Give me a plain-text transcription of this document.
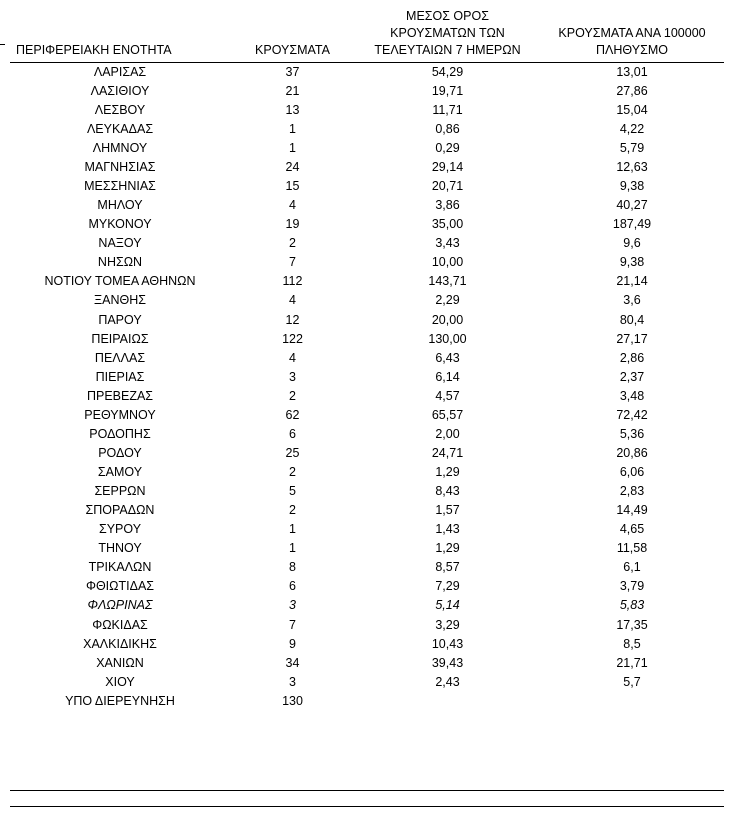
ΠΕΡΙΦΕΡΕΙΑΚΗ ΕΝΟΤΗΤΑ	ΚΡΟΥΣΜΑΤΑ	ΜΕΣΟΣ ΟΡΟΣ
ΚΡΟΥΣΜΑΤΩΝ ΤΩΝ
ΤΕΛΕΥΤΑΙΩΝ 7 ΗΜΕΡΩΝ	ΚΡΟΥΣΜΑΤΑ ΑΝΑ 100000
ΠΛΗΘΥΣΜΟ

ΛΑΡΙΣΑΣ	37	54,29	13,01
ΛΑΣΙΘΙΟΥ	21	19,71	27,86
ΛΕΣΒΟΥ	13	11,71	15,04
ΛΕΥΚΑΔΑΣ	1	0,86	4,22
ΛΗΜΝΟΥ	1	0,29	5,79
ΜΑΓΝΗΣΙΑΣ	24	29,14	12,63
ΜΕΣΣΗΝΙΑΣ	15	20,71	9,38
ΜΗΛΟΥ	4	3,86	40,27
ΜΥΚΟΝΟΥ	19	35,00	187,49
ΝΑΞΟΥ	2	3,43	9,6
ΝΗΣΩΝ	7	10,00	9,38
ΝΟΤΙΟΥ ΤΟΜΕΑ ΑΘΗΝΩΝ	112	143,71	21,14
ΞΑΝΘΗΣ	4	2,29	3,6
ΠΑΡΟΥ	12	20,00	80,4
ΠΕΙΡΑΙΩΣ	122	130,00	27,17
ΠΕΛΛΑΣ	4	6,43	2,86
ΠΙΕΡΙΑΣ	3	6,14	2,37
ΠΡΕΒΕΖΑΣ	2	4,57	3,48
ΡΕΘΥΜΝΟΥ	62	65,57	72,42
ΡΟΔΟΠΗΣ	6	2,00	5,36
ΡΟΔΟΥ	25	24,71	20,86
ΣΑΜΟΥ	2	1,29	6,06
ΣΕΡΡΩΝ	5	8,43	2,83
ΣΠΟΡΑΔΩΝ	2	1,57	14,49
ΣΥΡΟΥ	1	1,43	4,65
ΤΗΝΟΥ	1	1,29	11,58
ΤΡΙΚΑΛΩΝ	8	8,57	6,1
ΦΘΙΩΤΙΔΑΣ	6	7,29	3,79
ΦΛΩΡΙΝΑΣ	3	5,14	5,83
ΦΩΚΙΔΑΣ	7	3,29	17,35
ΧΑΛΚΙΔΙΚΗΣ	9	10,43	8,5
ΧΑΝΙΩΝ	34	39,43	21,71
ΧΙΟΥ	3	2,43	5,7
ΥΠΟ ΔΙΕΡΕΥΝΗΣΗ	130		
